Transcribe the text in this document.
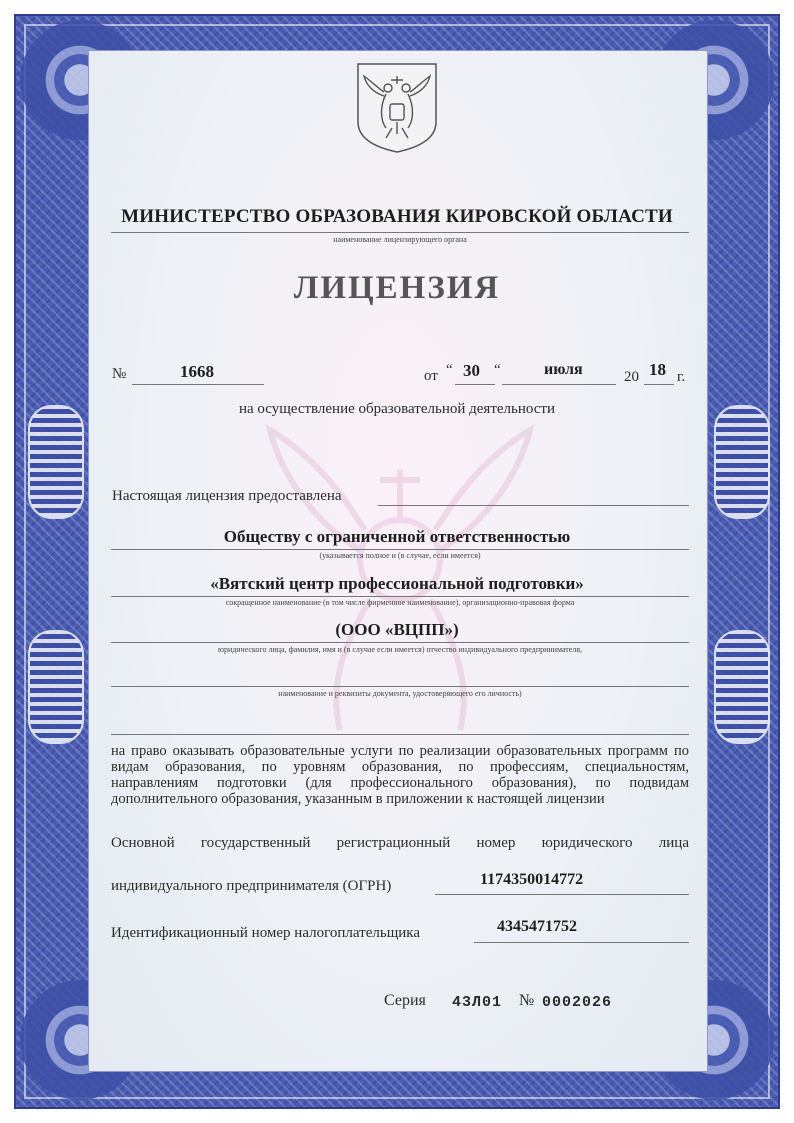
МИНИСТЕРСТВО ОБРАЗОВАНИЯ КИРОВСКОЙ ОБЛАСТИ
наименование лицензирующего органа
ЛИЦЕНЗИЯ
№	1668	от “ 30 “	июля	20 18 г.
на осуществление образовательной деятельности
Настоящая лицензия предоставлена
Обществу с ограниченной ответственностью
(указывается полное и (в случае, если имеется)
«Вятский центр профессиональной подготовки»
сокращенное наименование (в том числе фирменное наименование), организационно-правовая форма
(ООО «ВЦПП»)
юридического лица, фамилия, имя и (в случае если имеется) отчество индивидуального предпринимателя,
наименование и реквизиты документа, удостоверяющего его личность)
на право оказывать образовательные услуги по реализации образовательных программ по видам образования, по уровням образования, по профессиям, специальностям, направлениям подготовки (для профессионального образования), по подвидам дополнительного образования, указанным в приложении к настоящей лицензии
Основной государственный регистрационный номер юридического лица
индивидуального предпринимателя (ОГРН)	1174350014772
Идентификационный номер налогоплательщика	4345471752
Серия 43Л01 № 0002026
